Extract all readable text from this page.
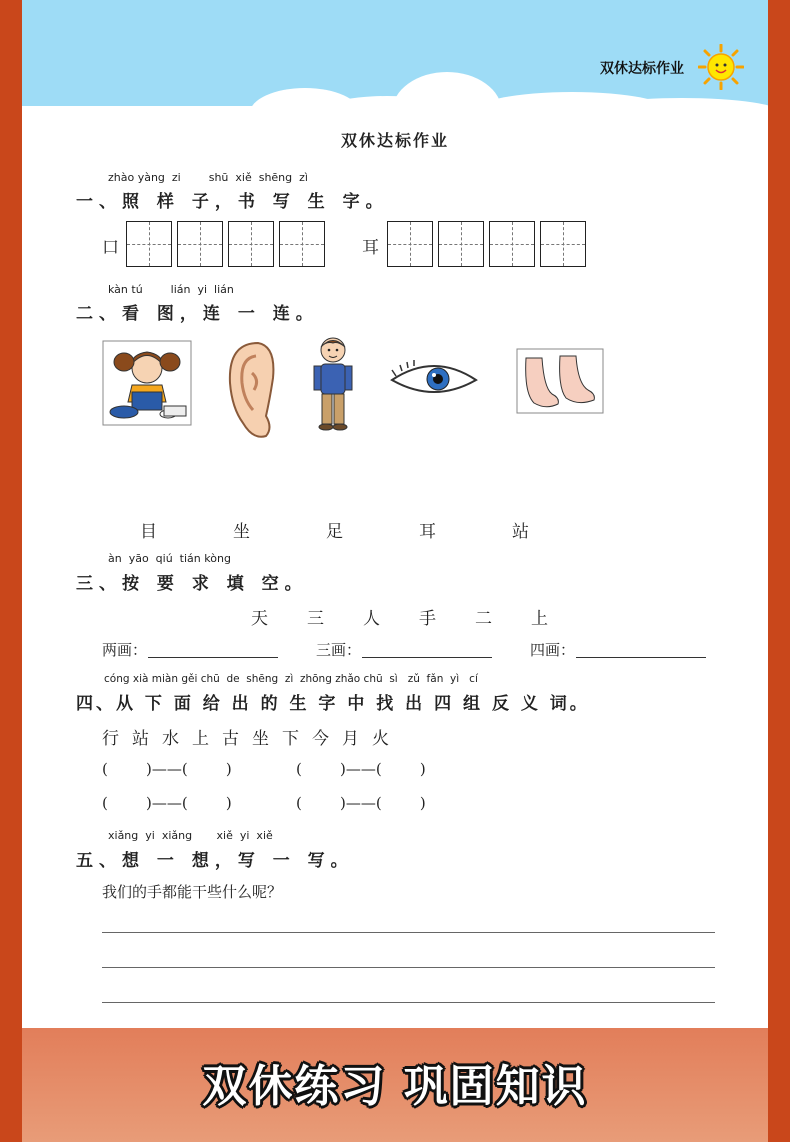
双休达标作业
双休达标作业
zhào yàng  zi        shū  xiě  shēng  zì
一、照 样 子，书 写 生 字。
口	耳
kàn tú        lián  yi  lián
二、看 图，连 一 连。
目	坐	足	耳	站
àn  yāo  qiú  tián kòng
三、按 要 求 填 空。
天 三 人 手 二 上
两画：	三画：	四画：
cóng xià miàn gěi chū  de  shēng  zì  zhōng zhǎo chū  sì   zǔ  fǎn  yì   cí
四、从 下 面 给 出 的 生 字 中 找 出 四 组 反 义 词。
行站水上古坐下今月火
(        )——(        )	(        )——(        )
(        )——(        )	(        )——(        )
xiǎng  yi  xiǎng       xiě  yi  xiě
五、想 一 想，写 一 写。
我们的手都能干些什么呢？
双休练习 巩固知识
